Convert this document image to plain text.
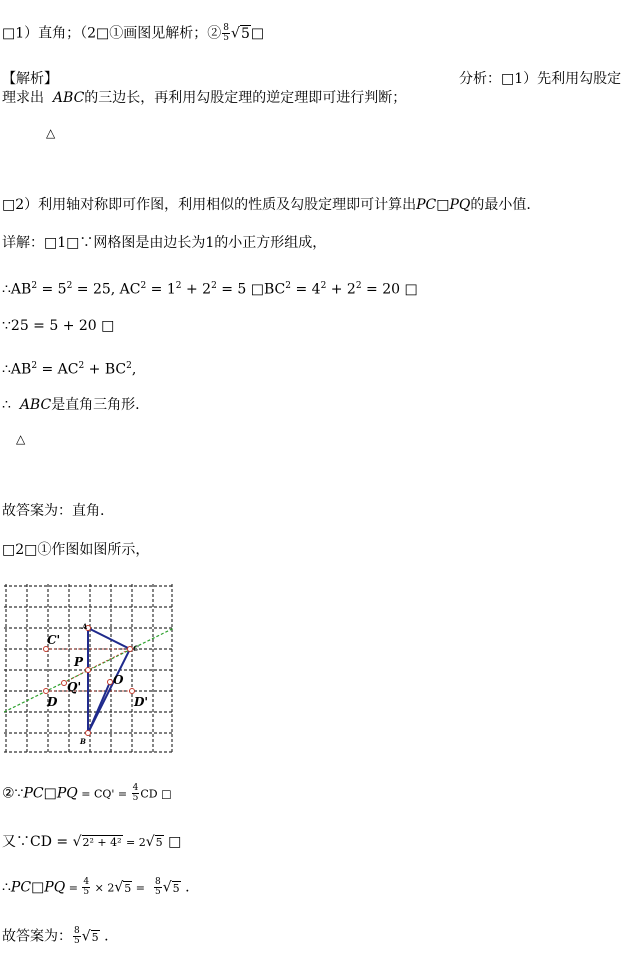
□1）直角；（2□①画图见解析；② $\frac{8}{5}$ √5□
【解析】	分析：□1）先利用勾股定
理求出 ABC的三边长，再利用勾股定理的逆定理即可进行判断；
△
□2）利用轴对称即可作图，利用相似的性质及勾股定理即可计算出PC□PQ的最小值.
详解：□1□∵网格图是由边长为1的小正方形组成，
$\therefore AB^2 = 5^2 = 25$, $AC^2 = 1^2 + 2^2 = 5$ $□BC^2 = 4^2 + 2^2 = 20$ □
∵25 = 5 + 20 □
$\therefore AB^2 = AC^2 + BC^2$,
∴  ABC是直角三角形.
△
故答案为：直角.
□2□①作图如图所示，
A
C
B
C'
D	D'
P
Q'	O
②∵PC□PQ = $CQ' = \frac{4}{5}$ CD □
又∵CD = √2² + 4² = 2√5 □
∴PC□PQ = $\frac{4}{5} \times 2√5 = \frac{8}{5} √5$ .
故答案为： $\frac{8}{5} √5$ .
